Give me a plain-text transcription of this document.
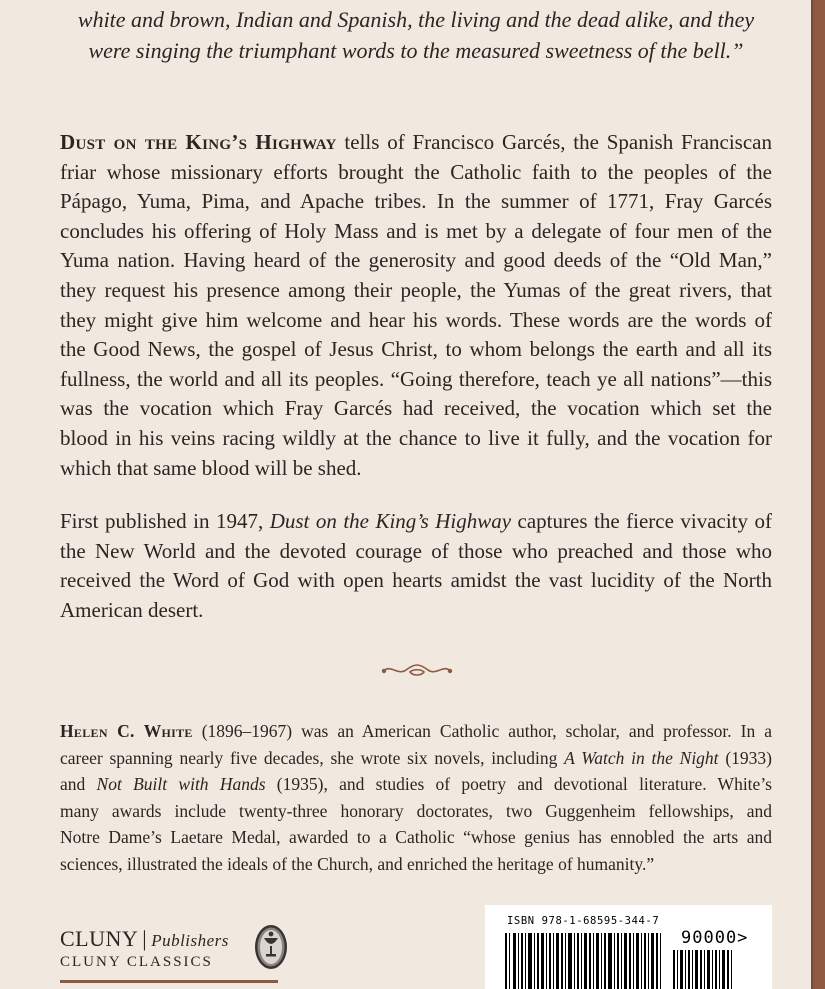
white and brown, Indian and Spanish, the living and the dead alike, and they
were singing the triumphant words to the measured sweetness of the bell.”
Dust on the King’s Highway tells of Francisco Garcés, the Spanish Franciscan
friar whose missionary efforts brought the Catholic faith to the peoples of the
Pápago, Yuma, Pima, and Apache tribes. In the summer of 1771, Fray Garcés
concludes his offering of Holy Mass and is met by a delegate of four men of the
Yuma nation. Having heard of the generosity and good deeds of the “Old Man,”
they request his presence among their people, the Yumas of the great rivers, that
they might give him welcome and hear his words. These words are the words of
the Good News, the gospel of Jesus Christ, to whom belongs the earth and all its
fullness, the world and all its peoples. “Going therefore, teach ye all nations”—this
was the vocation which Fray Garcés had received, the vocation which set the
blood in his veins racing wildly at the chance to live it fully, and the vocation for
which that same blood will be shed.
First published in 1947, Dust on the King’s Highway captures the fierce vivacity of
the New World and the devoted courage of those who preached and those who
received the Word of God with open hearts amidst the vast lucidity of the North
American desert.
Helen C. White (1896–1967) was an American Catholic author, scholar, and professor. In a
career spanning nearly five decades, she wrote six novels, including A Watch in the Night (1933)
and Not Built with Hands (1935), and studies of poetry and devotional literature. White’s
many awards include twenty-three honorary doctorates, two Guggenheim fellowships, and
Notre Dame’s Laetare Medal, awarded to a Catholic “whose genius has ennobled the arts and
sciences, illustrated the ideals of the Church, and enriched the heritage of humanity.”
CLUNY | Publishers
CLUNY CLASSICS
ISBN 978-1-68595-344-7
90000>
